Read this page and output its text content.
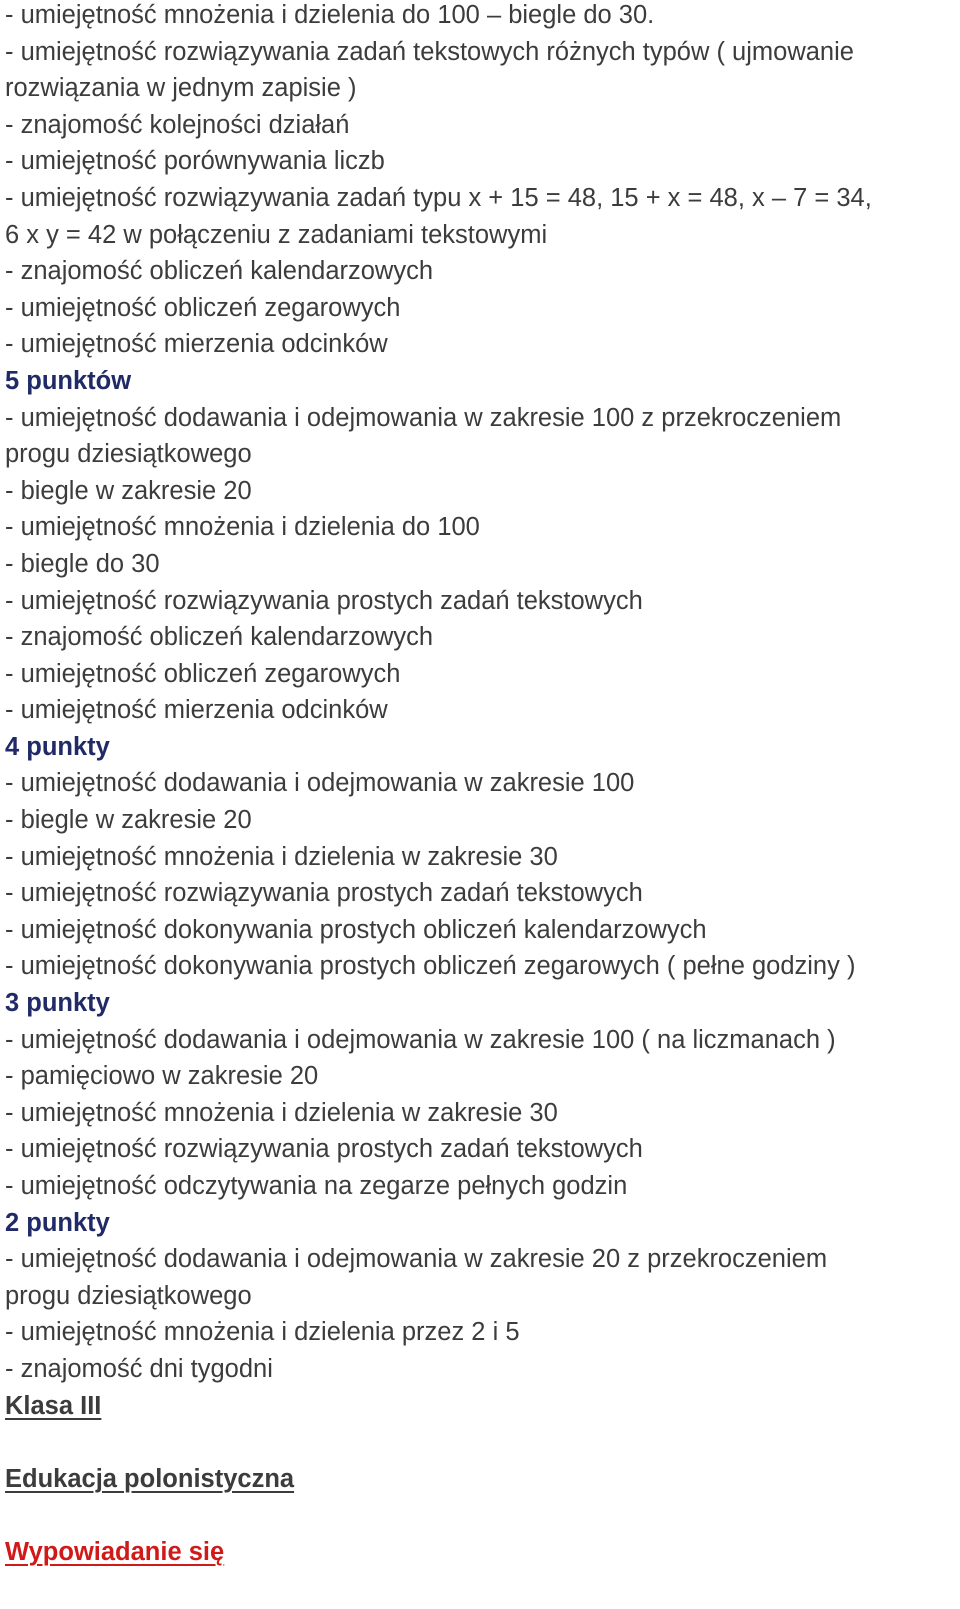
- umiejętność mnożenia i dzielenia do 100 – biegle do 30.
- umiejętność rozwiązywania zadań tekstowych różnych typów ( ujmowanie
rozwiązania w jednym zapisie )
- znajomość kolejności działań
- umiejętność porównywania liczb
- umiejętność rozwiązywania zadań typu x + 15 = 48, 15 + x = 48, x – 7 = 34,
6 x y = 42 w połączeniu z zadaniami tekstowymi
- znajomość obliczeń kalendarzowych
- umiejętność obliczeń zegarowych
- umiejętność mierzenia odcinków
5 punktów
- umiejętność dodawania i odejmowania w zakresie 100 z przekroczeniem
progu dziesiątkowego
- biegle w zakresie 20
- umiejętność mnożenia i dzielenia do 100
- biegle do 30
- umiejętność rozwiązywania prostych zadań tekstowych
- znajomość obliczeń kalendarzowych
- umiejętność obliczeń zegarowych
- umiejętność mierzenia odcinków
4 punkty
- umiejętność dodawania i odejmowania w zakresie 100
- biegle w zakresie 20
- umiejętność mnożenia i dzielenia w zakresie 30
- umiejętność rozwiązywania prostych zadań tekstowych
- umiejętność dokonywania prostych obliczeń kalendarzowych
- umiejętność dokonywania prostych obliczeń zegarowych ( pełne godziny )
3 punkty
- umiejętność dodawania i odejmowania w zakresie 100 ( na liczmanach )
- pamięciowo w zakresie 20
- umiejętność mnożenia i dzielenia w zakresie 30
- umiejętność rozwiązywania prostych zadań tekstowych
- umiejętność odczytywania na zegarze pełnych godzin
2 punkty
- umiejętność dodawania i odejmowania w zakresie 20 z przekroczeniem
progu dziesiątkowego
- umiejętność mnożenia i dzielenia przez 2 i 5
- znajomość dni tygodni
Klasa III
Edukacja polonistyczna
Wypowiadanie się
